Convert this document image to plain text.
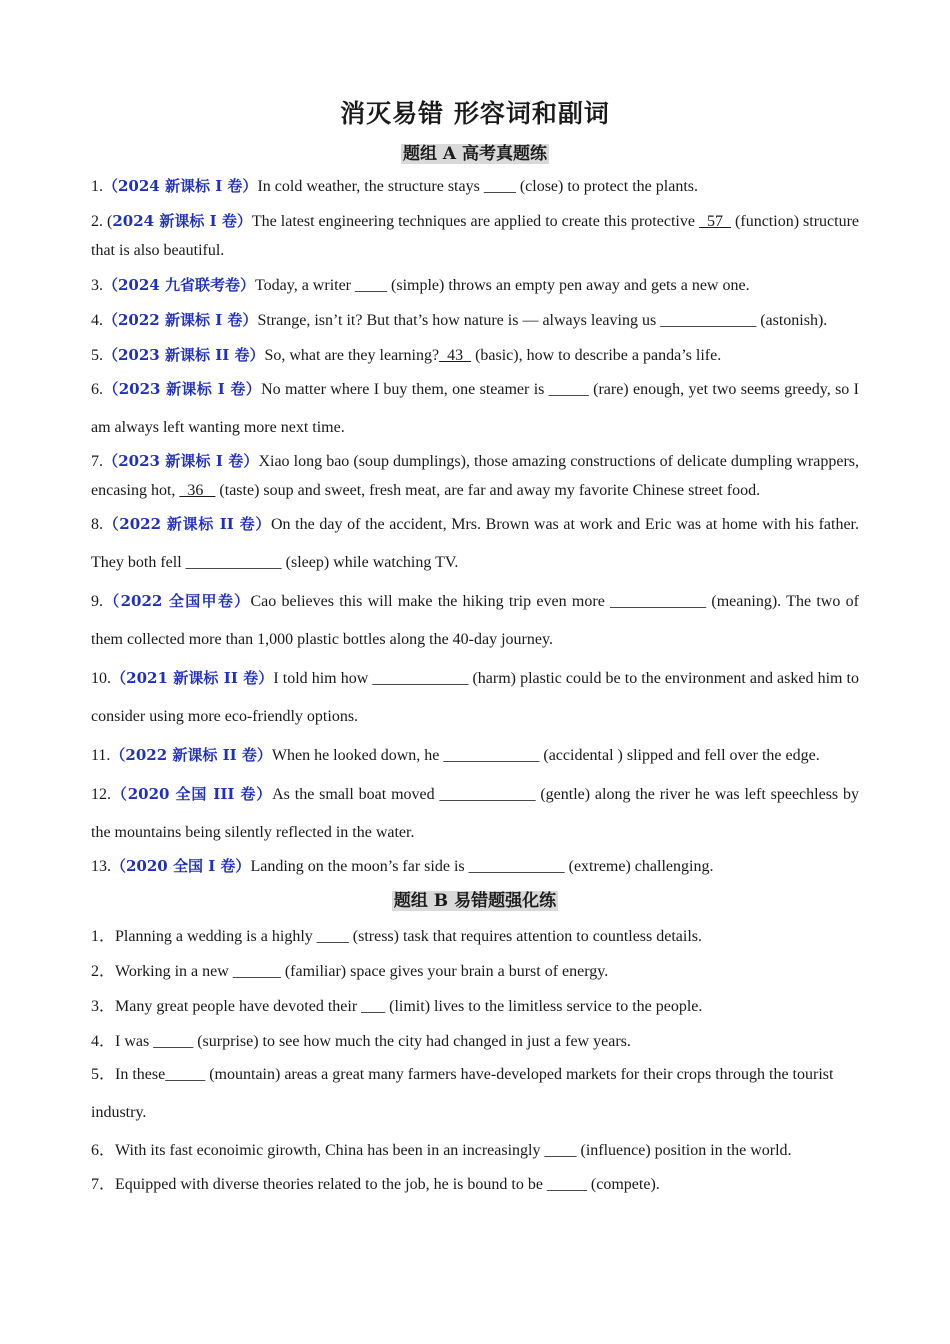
消灭易错 形容词和副词

题组 A 高考真题练

1.（2024 新课标 I 卷）In cold weather, the structure stays ____ (close) to protect the plants.

2. (2024 新课标 I 卷）The latest engineering techniques are applied to create this protective   57   (function) structure that is also beautiful.

3.（2024 九省联考卷）Today, a writer ____ (simple) throws an empty pen away and gets a new one.

4.（2022 新课标 I 卷）Strange, isn’t it? But that’s how nature is — always leaving us ____________ (astonish).

5.（2023 新课标 II 卷）So, what are they learning?  43   (basic), how to describe a panda’s life.

6.（2023 新课标 I 卷）No matter where I buy them, one steamer is _____ (rare) enough, yet two seems greedy, so I am always left wanting more next time.

7.（2023 新课标 I 卷）Xiao long bao (soup dumplings), those amazing constructions of delicate dumpling wrappers, encasing hot,   36    (taste) soup and sweet, fresh meat, are far and away my favorite Chinese street food.

8.（2022 新课标 II 卷）On the day of the accident, Mrs. Brown was at work and Eric was at home with his father. They both fell ____________ (sleep) while watching TV.

9.（2022 全国甲卷）Cao believes this will make the hiking trip even more ____________ (meaning). The two of them collected more than 1,000 plastic bottles along the 40-day journey.

10.（2021 新课标 II 卷）I told him how ____________ (harm) plastic could be to the environment and asked him to consider using more eco-friendly options.

11.（2022 新课标 II 卷）When he looked down, he ____________ (accidental ) slipped and fell over the edge.

12.（2020 全国 III 卷）As the small boat moved ____________ (gentle) along the river he was left speechless by the mountains being silently reflected in the water.

13.（2020 全国 I 卷）Landing on the moon’s far side is ____________ (extreme) challenging.

题组 B 易错题强化练

1．Planning a wedding is a highly ____ (stress) task that requires attention to countless details.

2．Working in a new ______ (familiar) space gives your brain a burst of energy.

3．Many great people have devoted their ___ (limit) lives to the limitless service to the people.

4．I was _____ (surprise) to see how much the city had changed in just a few years.

5．In these_____ (mountain) areas a great many farmers have-developed markets for their crops through the tourist industry.

6．With its fast econoimic girowth, China has been in an increasingly ____ (influence) position in the world.

7．Equipped with diverse theories related to the job, he is bound to be _____ (compete).
